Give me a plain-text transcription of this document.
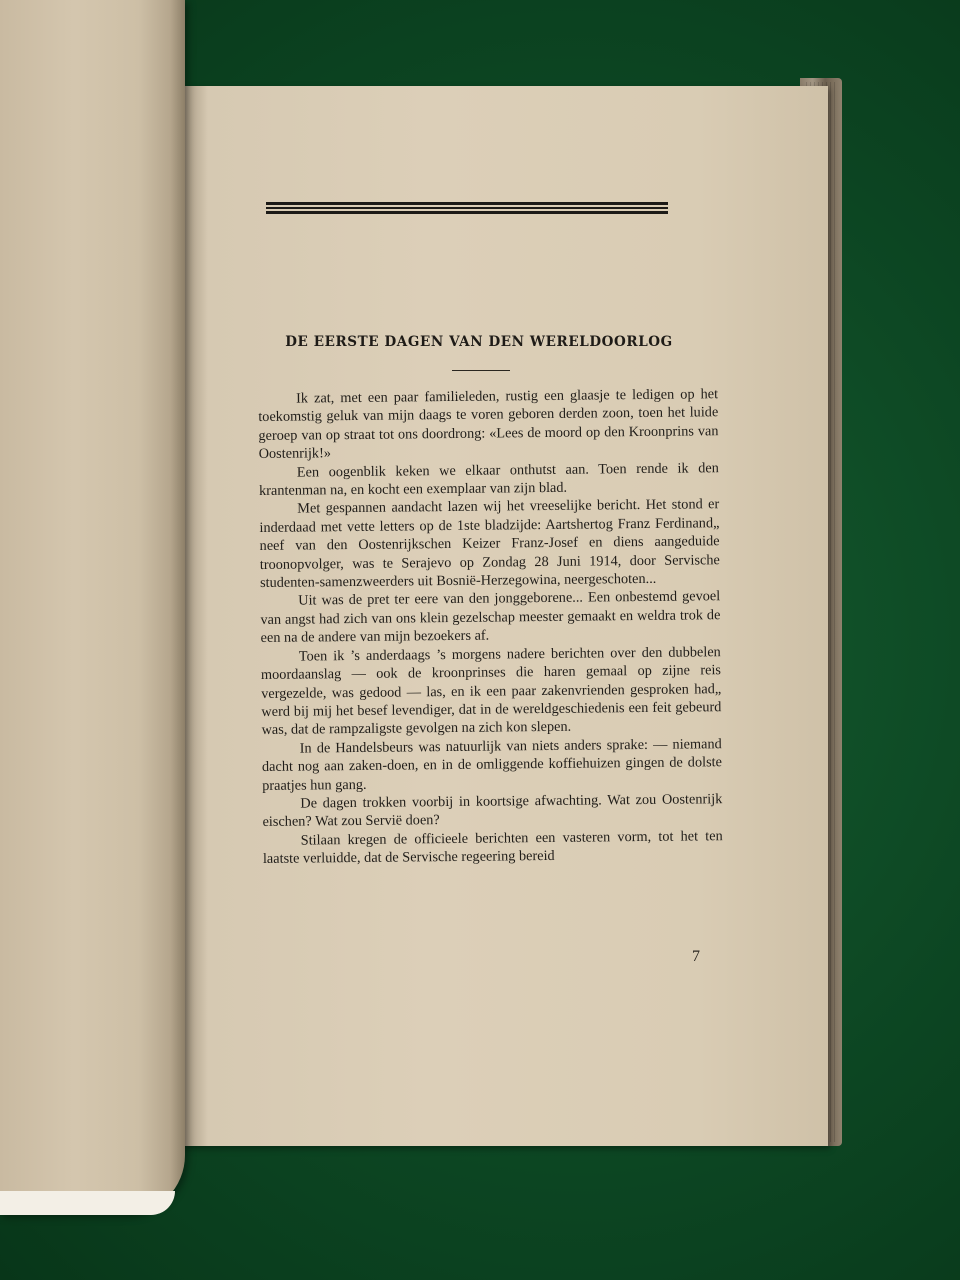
DE EERSTE DAGEN VAN DEN WERELDOORLOG

Ik zat, met een paar familieleden, rustig een glaasje te ledigen op het toekomstig geluk van mijn daags te voren geboren derden zoon, toen het luide geroep van op straat tot ons doordrong: «Lees de moord op den Kroonprins van Oostenrijk!»

Een oogenblik keken we elkaar onthutst aan. Toen rende ik den krantenman na, en kocht een exemplaar van zijn blad.

Met gespannen aandacht lazen wij het vreeselijke bericht. Het stond er inderdaad met vette letters op de 1ste bladzijde: Aartshertog Franz Ferdinand„ neef van den Oostenrijkschen Keizer Franz-Josef en diens aangeduide troonopvolger, was te Serajevo op Zondag 28 Juni 1914, door Servische studenten-samenzweerders uit Bosnië-Herzegowina, neergeschoten...

Uit was de pret ter eere van den jonggeborene... Een onbestemd gevoel van angst had zich van ons klein gezelschap meester gemaakt en weldra trok de een na de andere van mijn bezoekers af.

Toen ik ’s anderdaags ’s morgens nadere berichten over den dubbelen moordaanslag — ook de kroonprinses die haren gemaal op zijne reis vergezelde, was gedood — las, en ik een paar zakenvrienden gesproken had„ werd bij mij het besef levendiger, dat in de wereldgeschiedenis een feit gebeurd was, dat de rampzaligste gevolgen na zich kon slepen.

In de Handelsbeurs was natuurlijk van niets anders sprake: — niemand dacht nog aan zaken-doen, en in de omliggende koffiehuizen gingen de dolste praatjes hun gang.

De dagen trokken voorbij in koortsige afwachting. Wat zou Oostenrijk eischen? Wat zou Servië doen?

Stilaan kregen de officieele berichten een vasteren vorm, tot het ten laatste verluidde, dat de Servische regeering bereid

7
